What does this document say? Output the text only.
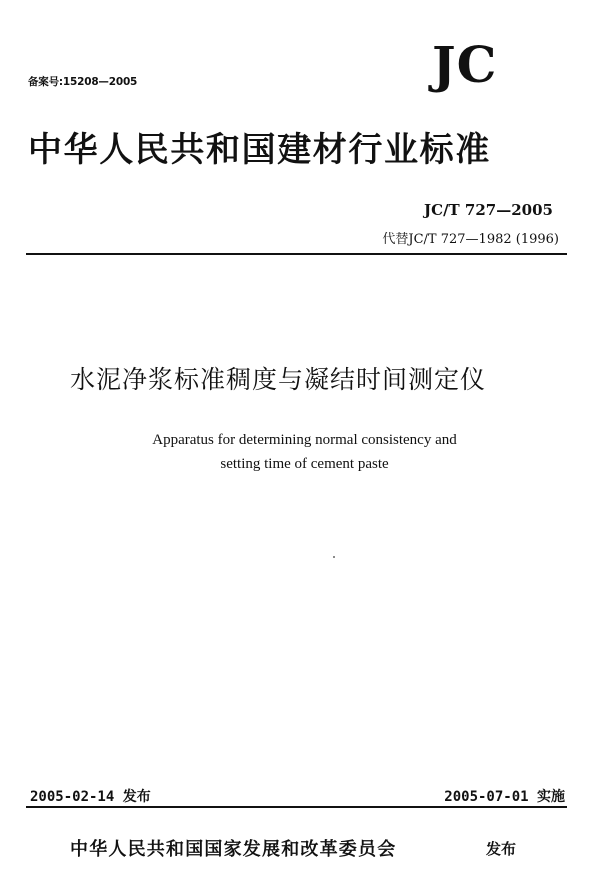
备案号:15208—2005	JC
中华人民共和国建材行业标准
JC/T 727—2005
代替JC/T 727—1982 (1996)
水泥净浆标准稠度与凝结时间测定仪
Apparatus for determining normal consistency and
setting time of cement paste
2005-02-14 发布	2005-07-01 实施
中华人民共和国国家发展和改革委员会	发布
